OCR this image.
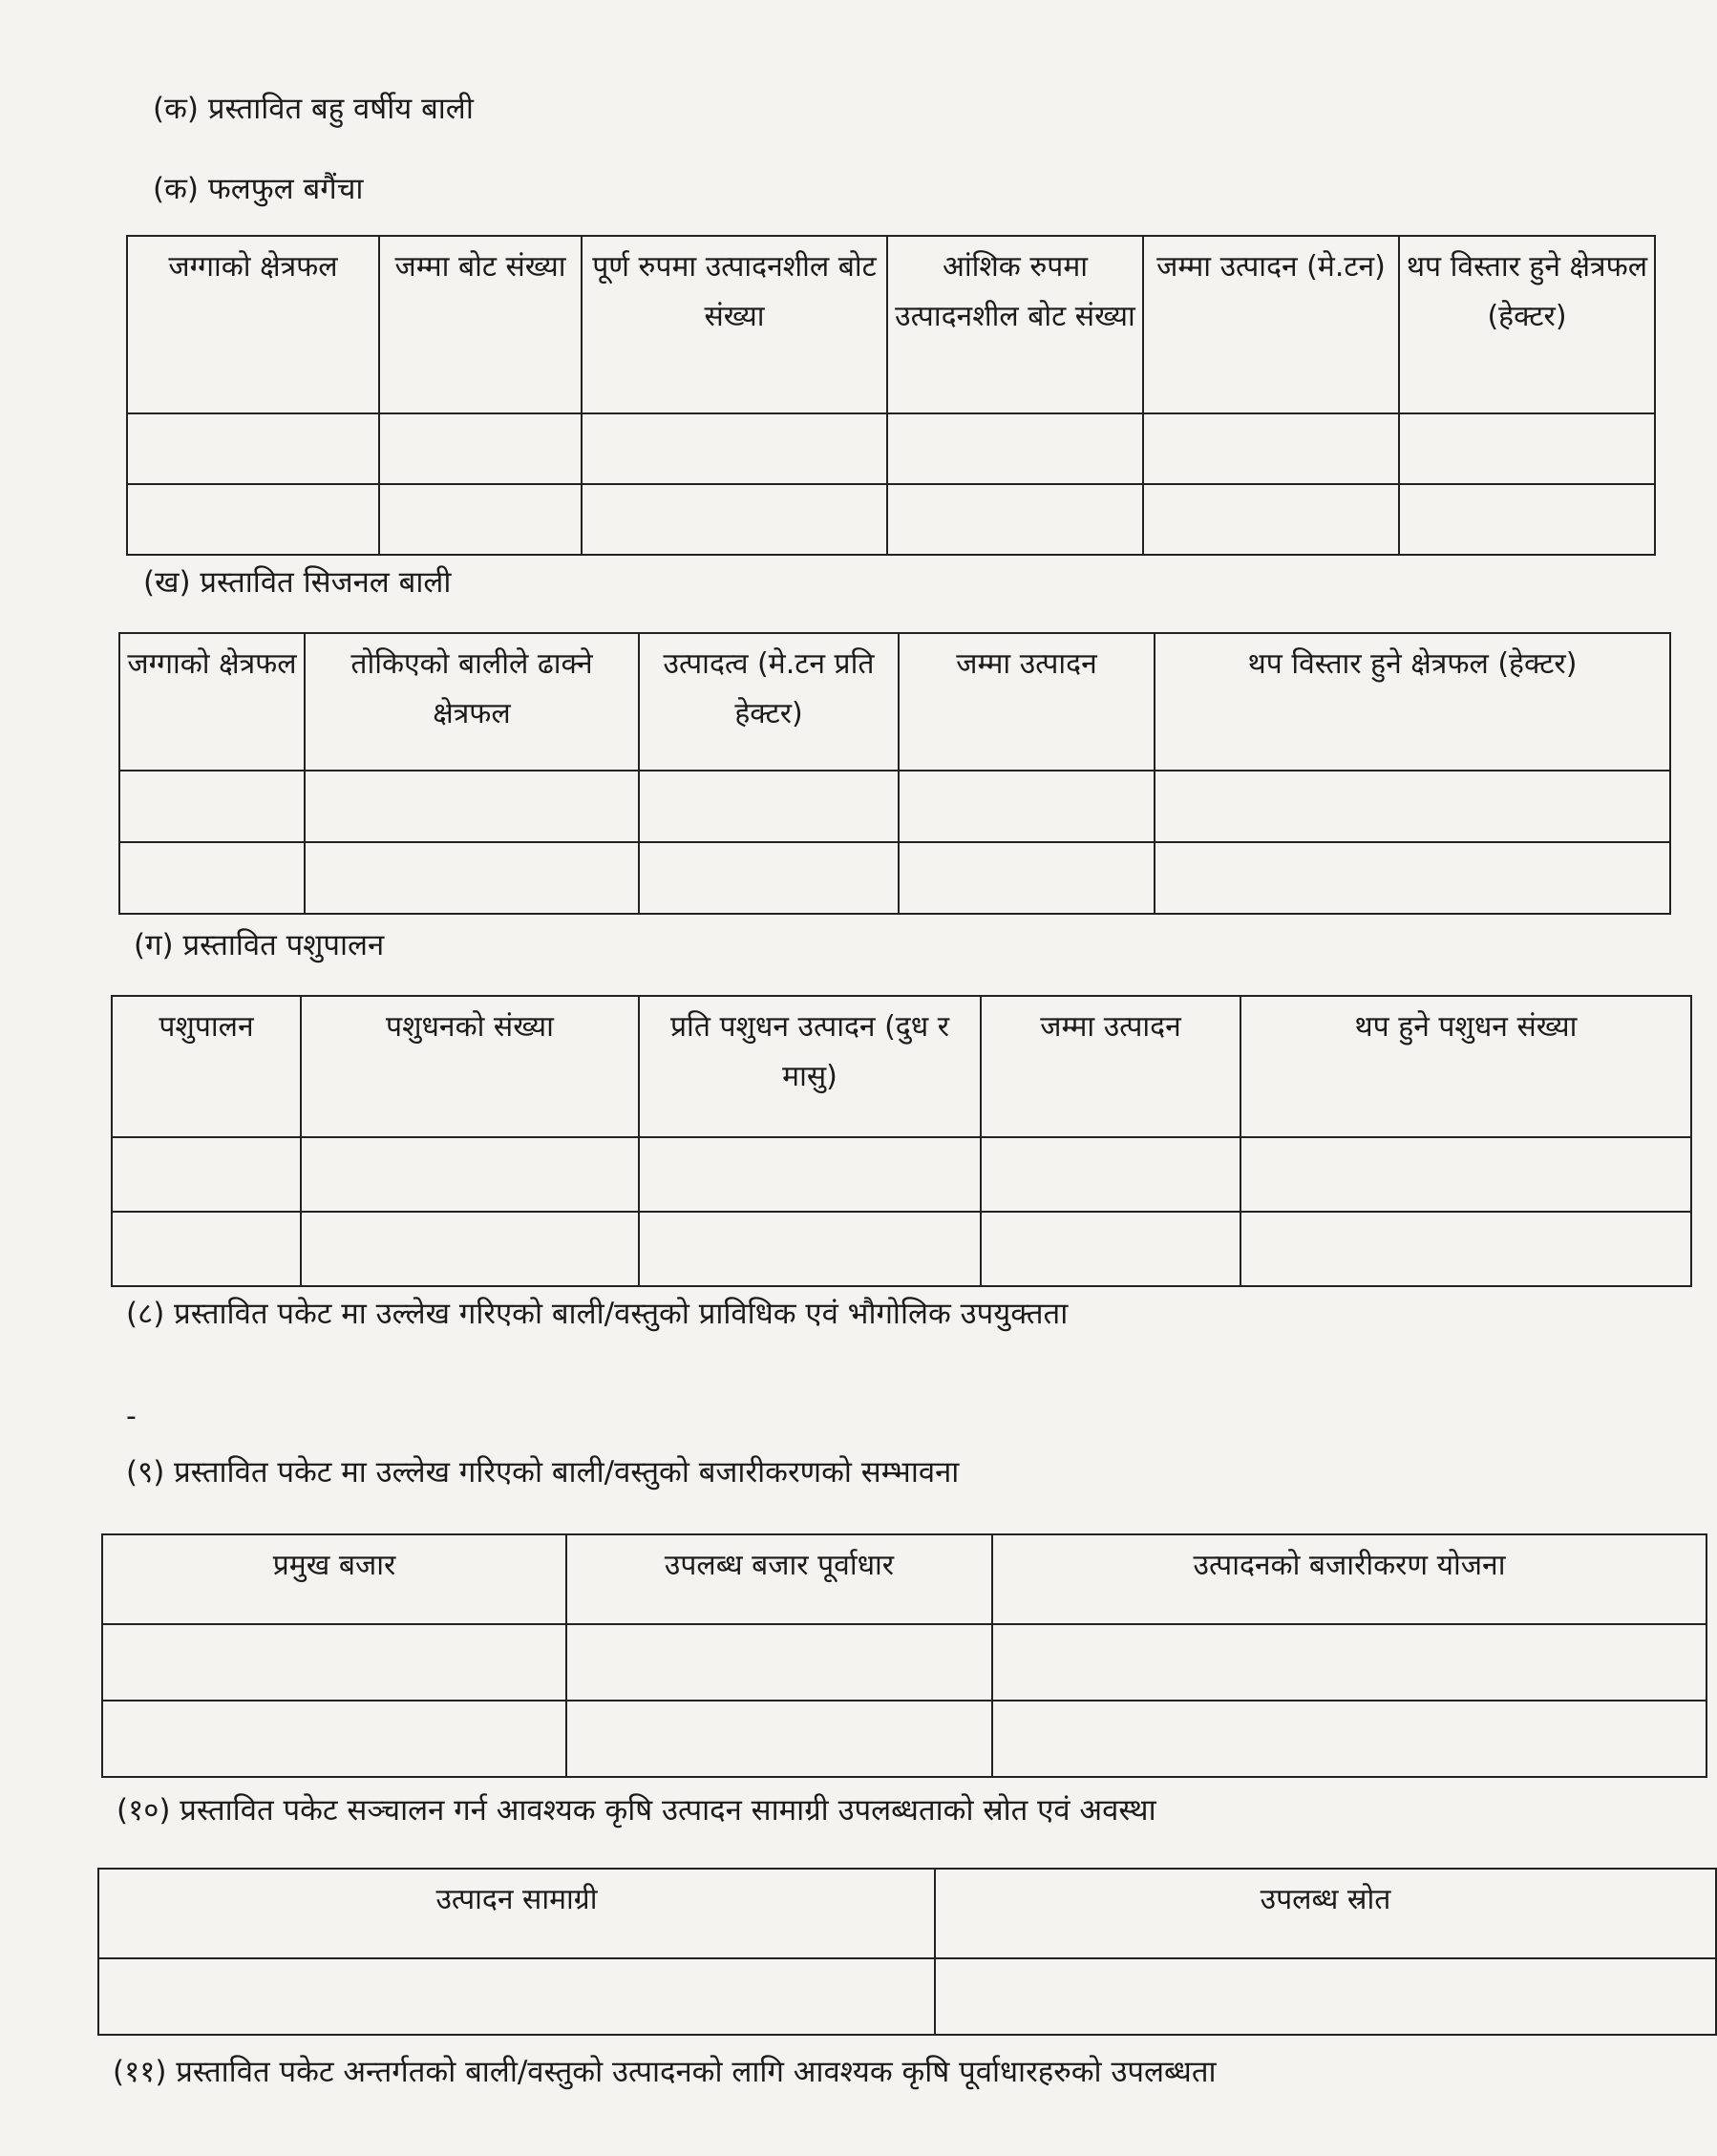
(क) प्रस्तावित बहु वर्षीय बाली
(क) फलफुल बगैंचा
जग्गाको क्षेत्रफल	जम्मा बोट संख्या	पूर्ण रुपमा उत्पादनशील बोट संख्या	आंशिक रुपमा उत्पादनशील बोट संख्या	जम्मा उत्पादन (मे.टन)	थप विस्तार हुने क्षेत्रफल (हेक्टर)

(ख) प्रस्तावित सिजनल बाली
जग्गाको क्षेत्रफल	तोकिएको बालीले ढाक्ने क्षेत्रफल	उत्पादत्व (मे.टन प्रति हेक्टर)	जम्मा उत्पादन	थप विस्तार हुने क्षेत्रफल (हेक्टर)

(ग) प्रस्तावित पशुपालन
पशुपालन	पशुधनको संख्या	प्रति पशुधन उत्पादन (दुध र मासु)	जम्मा उत्पादन	थप हुने पशुधन संख्या

(८) प्रस्तावित पकेट मा उल्लेख गरिएको बाली/वस्तुको प्राविधिक एवं भौगोलिक उपयुक्तता
-
(९) प्रस्तावित पकेट मा उल्लेख गरिएको बाली/वस्तुको बजारीकरणको सम्भावना
प्रमुख बजार	उपलब्ध बजार पूर्वाधार	उत्पादनको बजारीकरण योजना

(१०) प्रस्तावित पकेट सञ्चालन गर्न आवश्यक कृषि उत्पादन सामाग्री उपलब्धताको स्रोत एवं अवस्था
उत्पादन सामाग्री	उपलब्ध स्रोत

(११) प्रस्तावित पकेट अन्तर्गतको बाली/वस्तुको उत्पादनको लागि आवश्यक कृषि पूर्वाधारहरुको उपलब्धता
